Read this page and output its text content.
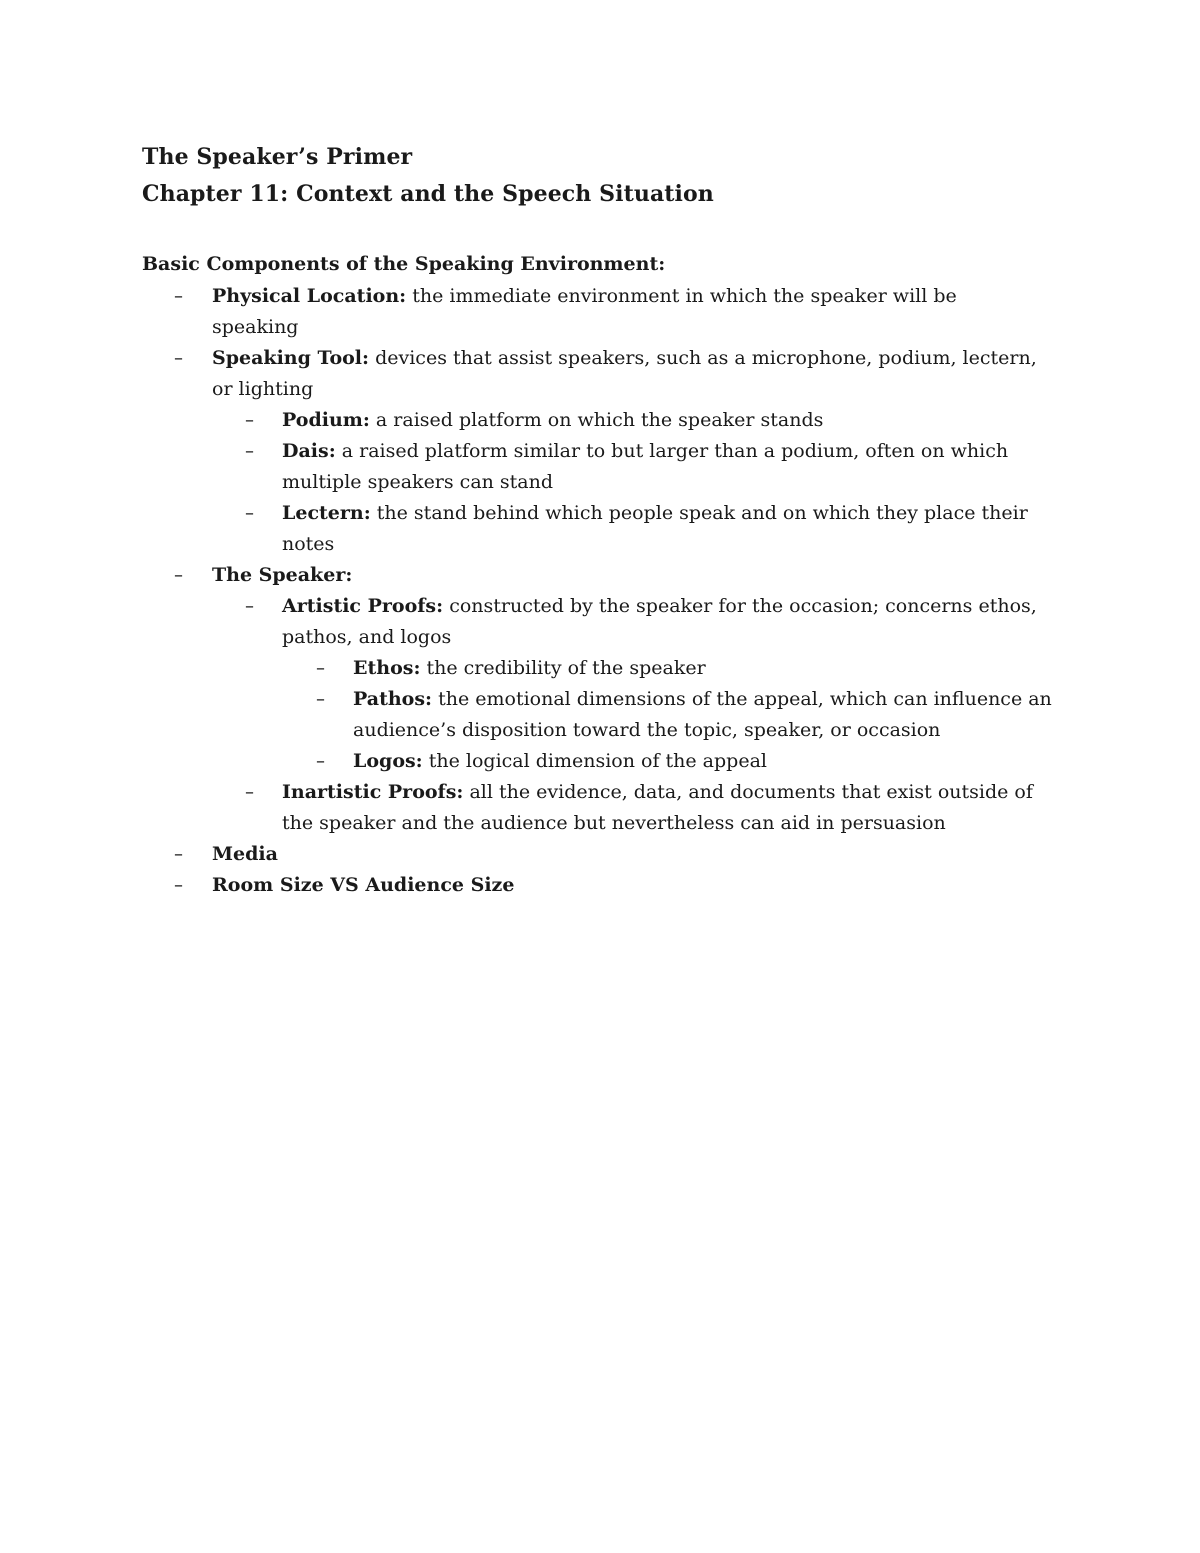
The Speaker’s Primer
Chapter 11: Context and the Speech Situation
Basic Components of the Speaking Environment:
– Physical Location: the immediate environment in which the speaker will be speaking
– Speaking Tool: devices that assist speakers, such as a microphone, podium, lectern, or lighting
– Podium: a raised platform on which the speaker stands
– Dais: a raised platform similar to but larger than a podium, often on which multiple speakers can stand
– Lectern: the stand behind which people speak and on which they place their notes
– The Speaker:
– Artistic Proofs: constructed by the speaker for the occasion; concerns ethos, pathos, and logos
– Ethos: the credibility of the speaker
– Pathos: the emotional dimensions of the appeal, which can influence an audience’s disposition toward the topic, speaker, or occasion
– Logos: the logical dimension of the appeal
– Inartistic Proofs: all the evidence, data, and documents that exist outside of the speaker and the audience but nevertheless can aid in persuasion
– Media
– Room Size VS Audience Size
